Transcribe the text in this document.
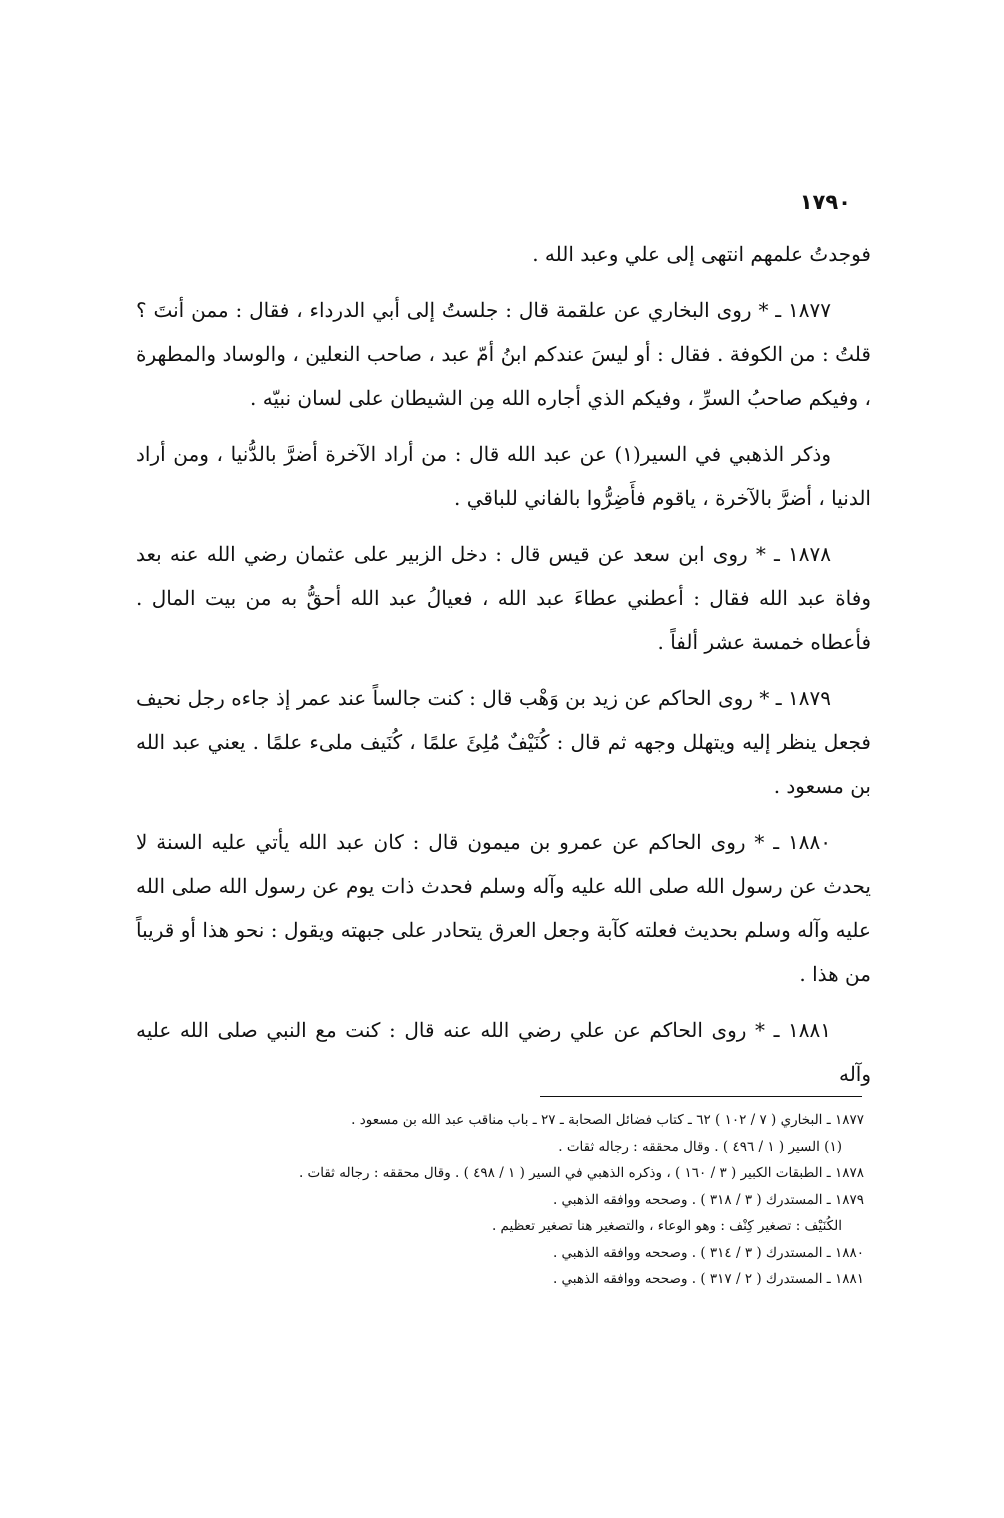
١٧٩٠

فوجدتُ علمهم انتهى إلى علي وعبد الله .

١٨٧٧ ـ * روى البخاري عن علقمة قال : جلستُ إلى أبي الدرداء ، فقال : ممن أنتَ ؟ قلتُ : من الكوفة . فقال : أو ليسَ عندكم ابنُ أمّ عبد ، صاحب النعلين ، والوساد والمطهرة ، وفيكم صاحبُ السرِّ ، وفيكم الذي أجاره الله مِن الشيطان على لسان نبيّه .

وذكر الذهبي في السير(١) عن عبد الله قال : من أراد الآخرة أضرَّ بالدُّنيا ، ومن أراد الدنيا ، أضرَّ بالآخرة ، ياقوم فأَضِرُّوا بالفاني للباقي .

١٨٧٨ ـ * روى ابن سعد عن قيس قال : دخل الزبير على عثمان رضي الله عنه بعد وفاة عبد الله فقال : أعطني عطاءَ عبد الله ، فعيالُ عبد الله أحقُّ به من بيت المال . فأعطاه خمسة عشر ألفاً .

١٨٧٩ ـ * روى الحاكم عن زيد بن وَهْب قال : كنت جالساً عند عمر إذ جاءه رجل نحيف فجعل ينظر إليه ويتهلل وجهه ثم قال : كُنَيْفٌ مُلِئَ علمًا ، كُنَيف ملىء علمًا . يعني عبد الله بن مسعود .

١٨٨٠ ـ * روى الحاكم عن عمرو بن ميمون قال : كان عبد الله يأتي عليه السنة لا يحدث عن رسول الله صلى الله عليه وآله وسلم فحدث ذات يوم عن رسول الله صلى الله عليه وآله وسلم بحديث فعلته كآبة وجعل العرق يتحادر على جبهته ويقول : نحو هذا أو قريباً من هذا .

١٨٨١ ـ * روى الحاكم عن علي رضي الله عنه قال : كنت مع النبي صلى الله عليه وآله

١٨٧٧ ـ البخاري ( ٧ / ١٠٢ ) ٦٢ ـ كتاب فضائل الصحابة ـ ٢٧ ـ باب مناقب عبد الله بن مسعود .

(١) السير ( ١ / ٤٩٦ ) . وقال محققه : رجاله ثقات .

١٨٧٨ ـ الطبقات الكبير ( ٣ / ١٦٠ ) ، وذكره الذهبي في السير ( ١ / ٤٩٨ ) . وقال محققه : رجاله ثقات .

١٨٧٩ ـ المستدرك ( ٣ / ٣١٨ ) . وصححه ووافقه الذهبي .

الكُنَيْف : تصغير كِنْف : وهو الوعاء ، والتصغير هنا تصغير تعظيم .

١٨٨٠ ـ المستدرك ( ٣ / ٣١٤ ) . وصححه ووافقه الذهبي .

١٨٨١ ـ المستدرك ( ٢ / ٣١٧ ) . وصححه ووافقه الذهبي .
